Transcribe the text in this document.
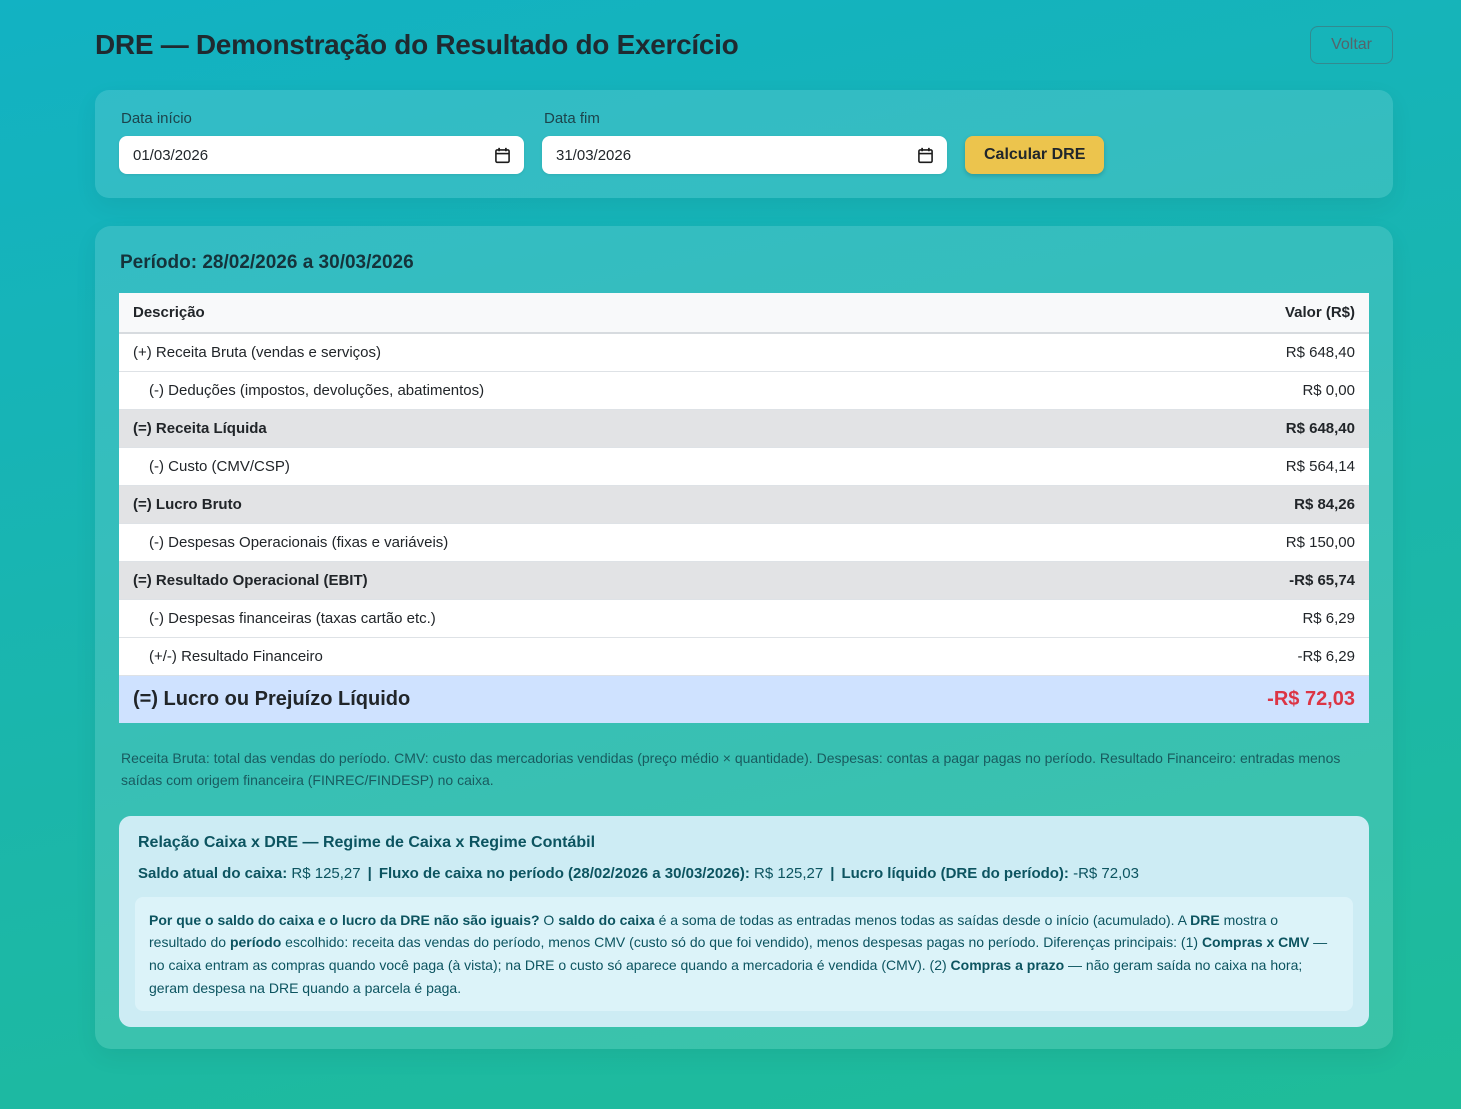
DRE — Demonstração do Resultado do Exercício	Voltar
Data início
01/03/2026
Data fim
31/03/2026	Calcular DRE
Período: 28/02/2026 a 30/03/2026
Descrição	Valor (R$)
(+) Receita Bruta (vendas e serviços)	R$ 648,40
(-) Deduções (impostos, devoluções, abatimentos)	R$ 0,00
(=) Receita Líquida	R$ 648,40
(-) Custo (CMV/CSP)	R$ 564,14
(=) Lucro Bruto	R$ 84,26
(-) Despesas Operacionais (fixas e variáveis)	R$ 150,00
(=) Resultado Operacional (EBIT)	-R$ 65,74
(-) Despesas financeiras (taxas cartão etc.)	R$ 6,29
(+/-) Resultado Financeiro	-R$ 6,29
(=) Lucro ou Prejuízo Líquido	-R$ 72,03

Receita Bruta: total das vendas do período. CMV: custo das mercadorias vendidas (preço médio × quantidade). Despesas: contas a pagar pagas no período. Resultado Financeiro: entradas menos saídas com origem financeira (FINREC/FINDESP) no caixa.

Relação Caixa x DRE — Regime de Caixa x Regime Contábil
Saldo atual do caixa: R$ 125,27 | Fluxo de caixa no período (28/02/2026 a 30/03/2026): R$ 125,27 | Lucro líquido (DRE do período): -R$ 72,03

Por que o saldo do caixa e o lucro da DRE não são iguais? O saldo do caixa é a soma de todas as entradas menos todas as saídas desde o início (acumulado). A DRE mostra o resultado do período escolhido: receita das vendas do período, menos CMV (custo só do que foi vendido), menos despesas pagas no período. Diferenças principais: (1) Compras x CMV — no caixa entram as compras quando você paga (à vista); na DRE o custo só aparece quando a mercadoria é vendida (CMV). (2) Compras a prazo — não geram saída no caixa na hora; geram despesa na DRE quando a parcela é paga.
